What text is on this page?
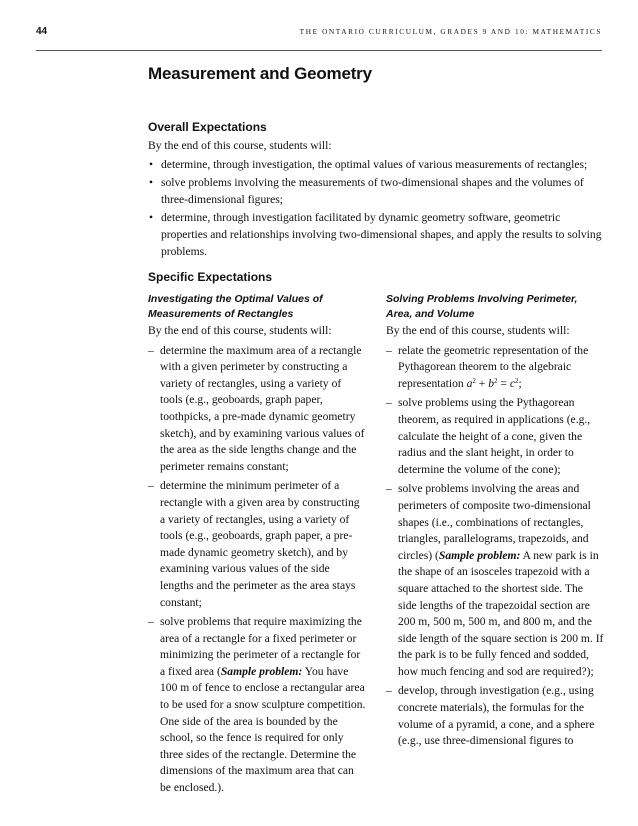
44	THE ONTARIO CURRICULUM, GRADES 9 AND 10: MATHEMATICS
Measurement and Geometry
Overall Expectations

By the end of this course, students will:

• determine, through investigation, the optimal values of various measurements of rectangles;
• solve problems involving the measurements of two-dimensional shapes and the volumes of three-dimensional figures;
• determine, through investigation facilitated by dynamic geometry software, geometric properties and relationships involving two-dimensional shapes, and apply the results to solving problems.
Specific Expectations
Investigating the Optimal Values of Measurements of Rectangles

By the end of this course, students will:

– determine the maximum area of a rectangle with a given perimeter by constructing a variety of rectangles, using a variety of tools (e.g., geoboards, graph paper, toothpicks, a pre-made dynamic geometry sketch), and by examining various values of the area as the side lengths change and the perimeter remains constant;
– determine the minimum perimeter of a rectangle with a given area by constructing a variety of rectangles, using a variety of tools (e.g., geoboards, graph paper, a pre-made dynamic geometry sketch), and by examining various values of the side lengths and the perimeter as the area stays constant;
– solve problems that require maximizing the area of a rectangle for a fixed perimeter or minimizing the perimeter of a rectangle for a fixed area (Sample problem: You have 100 m of fence to enclose a rectangular area to be used for a snow sculpture competition. One side of the area is bounded by the school, so the fence is required for only three sides of the rectangle. Determine the dimensions of the maximum area that can be enclosed.).
Solving Problems Involving Perimeter, Area, and Volume

By the end of this course, students will:

– relate the geometric representation of the Pythagorean theorem to the algebraic representation $a^2 + b^2 = c^2$;
– solve problems using the Pythagorean theorem, as required in applications (e.g., calculate the height of a cone, given the radius and the slant height, in order to determine the volume of the cone);
– solve problems involving the areas and perimeters of composite two-dimensional shapes (i.e., combinations of rectangles, triangles, parallelograms, trapezoids, and circles) (Sample problem: A new park is in the shape of an isosceles trapezoid with a square attached to the shortest side. The side lengths of the trapezoidal section are 200 m, 500 m, 500 m, and 800 m, and the side length of the square section is 200 m. If the park is to be fully fenced and sodded, how much fencing and sod are required?);
– develop, through investigation (e.g., using concrete materials), the formulas for the volume of a pyramid, a cone, and a sphere (e.g., use three-dimensional figures to
